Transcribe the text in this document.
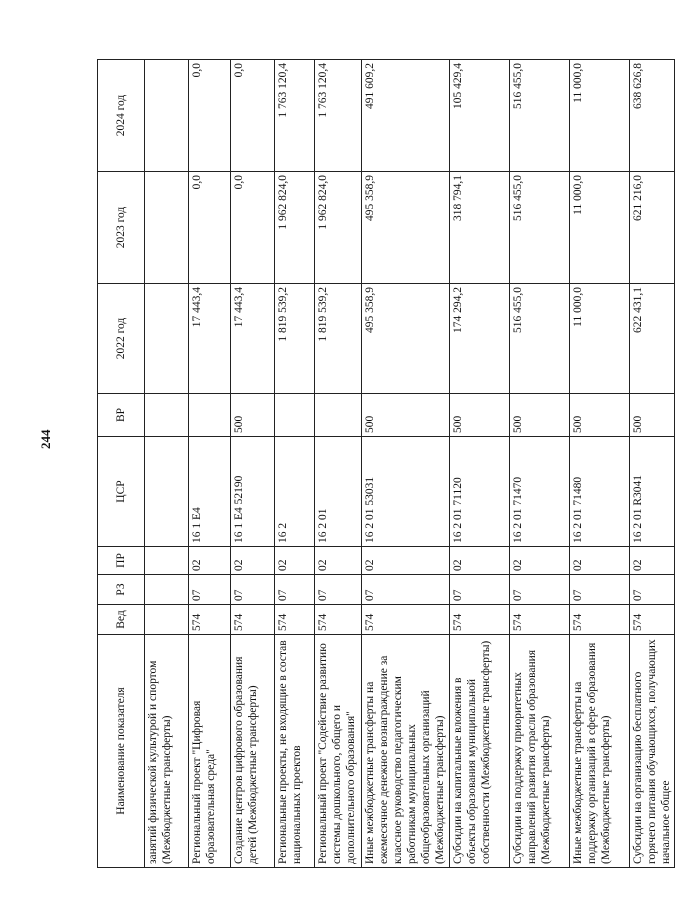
244
Наименование показателя	Вед	РЗ	ПР	ЦСР	ВР	2022 год	2023 год	2024 год
занятий физической культурой и спортом (Межбюджетные трансферты)								
Региональный проект "Цифровая образовательная среда"	574	07	02	16 1 Е4		17 443,4	0,0	0,0
Создание центров цифрового образования детей (Межбюджетные трансферты)	574	07	02	16 1 Е4 52190	500	17 443,4	0,0	0,0
Региональные проекты, не входящие в состав национальных проектов	574	07	02	16 2		1 819 539,2	1 962 824,0	1 763 120,4
Региональный проект "Содействие развитию системы дошкольного, общего и дополнительного образования"	574	07	02	16 2 01		1 819 539,2	1 962 824,0	1 763 120,4
Иные межбюджетные трансферты на ежемесячное денежное вознаграждение за классное руководство педагогическим работникам муниципальных общеобразовательных организаций (Межбюджетные трансферты)	574	07	02	16 2 01 53031	500	495 358,9	495 358,9	491 609,2
Субсидии на капитальные вложения в объекты образования муниципальной собственности (Межбюджетные трансферты)	574	07	02	16 2 01 71120	500	174 294,2	318 794,1	105 429,4
Субсидии на поддержку приоритетных направлений развития отрасли образования (Межбюджетные трансферты)	574	07	02	16 2 01 71470	500	516 455,0	516 455,0	516 455,0
Иные межбюджетные трансферты на поддержку организаций в сфере образования (Межбюджетные трансферты)	574	07	02	16 2 01 71480	500	11 000,0	11 000,0	11 000,0
Субсидии на организацию бесплатного горячего питания обучающихся, получающих начальное общее	574	07	02	16 2 01 R3041	500	622 431,1	621 216,0	638 626,8
